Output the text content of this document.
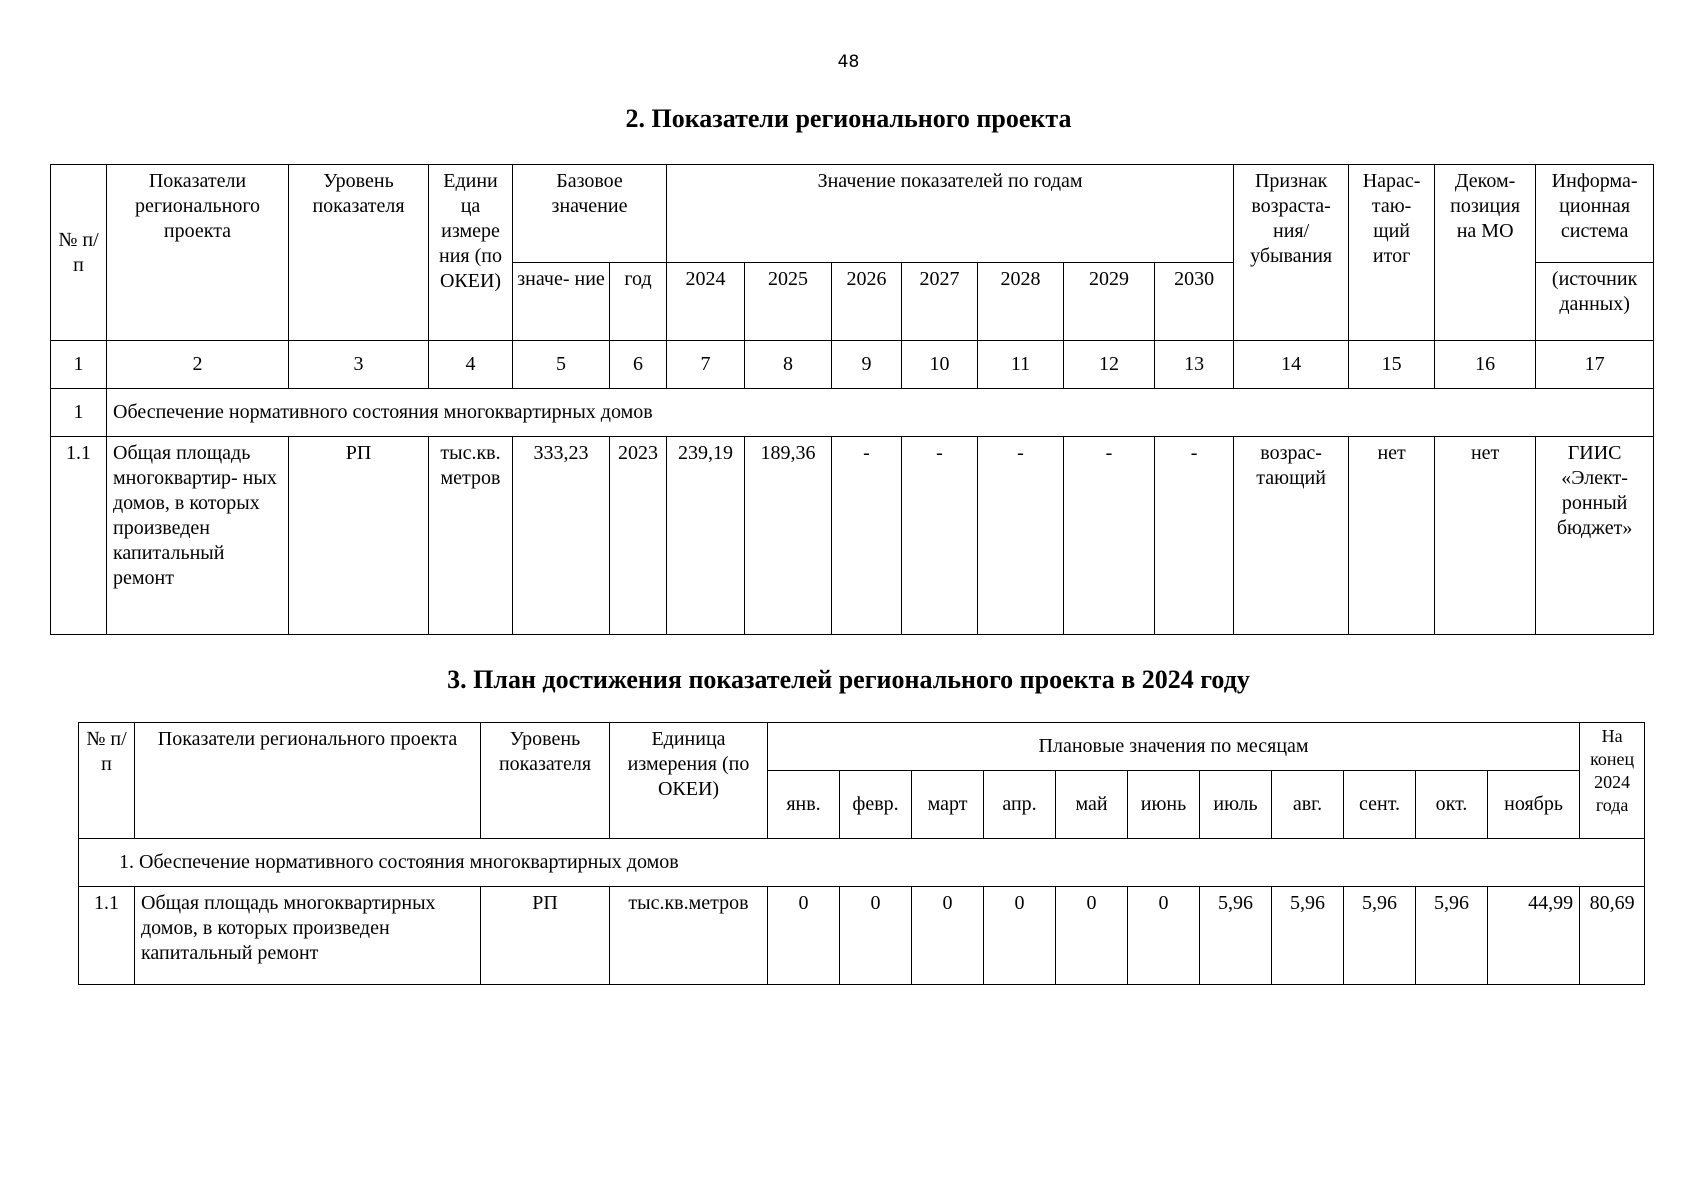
48
2. Показатели регионального проекта
№ п/п	Показатели регионального проекта	Уровень показателя	Едини ца измере ния (по ОКЕИ)	Базовое значение		Значение показателей по годам							Признак возраста- ния/ убывания	Нарас- таю- щий итог	Деком- позиция на МО	Информа- ционная система
				значе- ние	год	2024	2025	2026	2027	2028	2029	2030				(источник данных)
1	2	3	4	5	6	7	8	9	10	11	12	13	14	15	16	17
1	Обеспечение нормативного состояния многоквартирных домов															
1.1	Общая площадь многоквартир- ных домов, в которых произведен капитальный ремонт	РП	тыс.кв. метров	333,23	2023	239,19	189,36	-	-	-	-	-	возрас- тающий	нет	нет	ГИИС «Элект- ронный бюджет»
3. План достижения показателей регионального проекта в 2024 году
№ п/п	Показатели регионального проекта	Уровень показателя	Единица измерения (по ОКЕИ)	Плановые значения по месяцам											На конец 2024 года
				янв.	февр.	март	апр.	май	июнь	июль	авг.	сент.	окт.	ноябрь	
1. Обеспечение нормативного состояния многоквартирных домов															
1.1	Общая площадь многоквартирных домов, в которых произведен капитальный ремонт	РП	тыс.кв.метров	0	0	0	0	0	0	5,96	5,96	5,96	5,96	44,99	80,69
